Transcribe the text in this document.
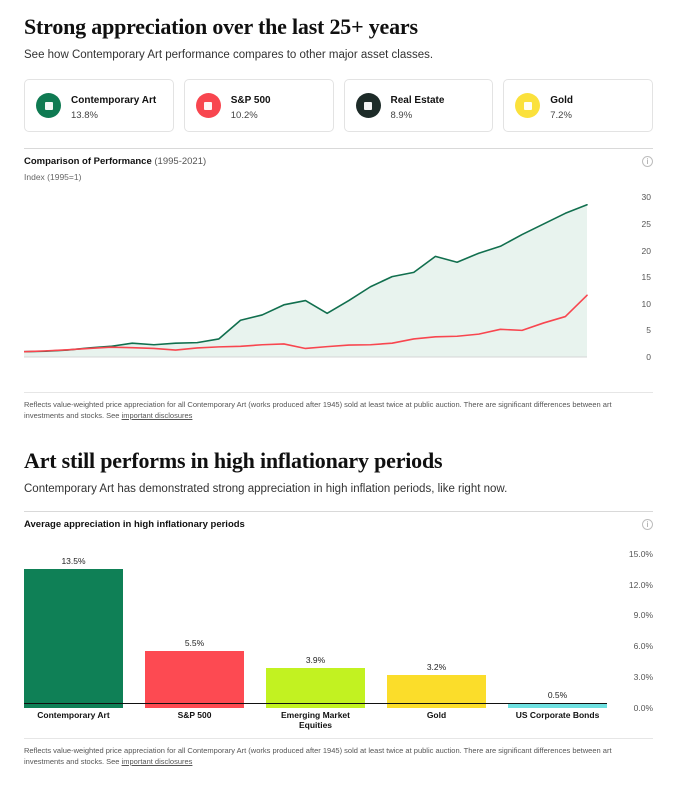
Strong appreciation over the last 25+ years

See how Contemporary Art performance compares to other major asset classes.

Contemporary Art
13.8%
S&P 500
10.2%
Real Estate
8.9%
Gold
7.2%
Comparison of Performance (1995-2021)	i
Index (1995=1)
0
5
10
15
20
25
30
Reflects value-weighted price appreciation for all Contemporary Art (works produced after 1945) sold at least twice at public auction. There are significant differences between art investments and stocks. See important disclosures
Art still performs in high inflationary periods

Contemporary Art has demonstrated strong appreciation in high inflation periods, like right now.

Average appreciation in high inflationary periods	i
13.5%
5.5%
3.9%
3.2%
0.5%
Contemporary Art	S&P 500	Emerging Market Equities
Gold	US Corporate Bonds
0.0%
3.0%
6.0%
9.0%
12.0%
15.0%
Reflects value-weighted price appreciation for all Contemporary Art (works produced after 1945) sold at least twice at public auction. There are significant differences between art investments and stocks. See important disclosures
